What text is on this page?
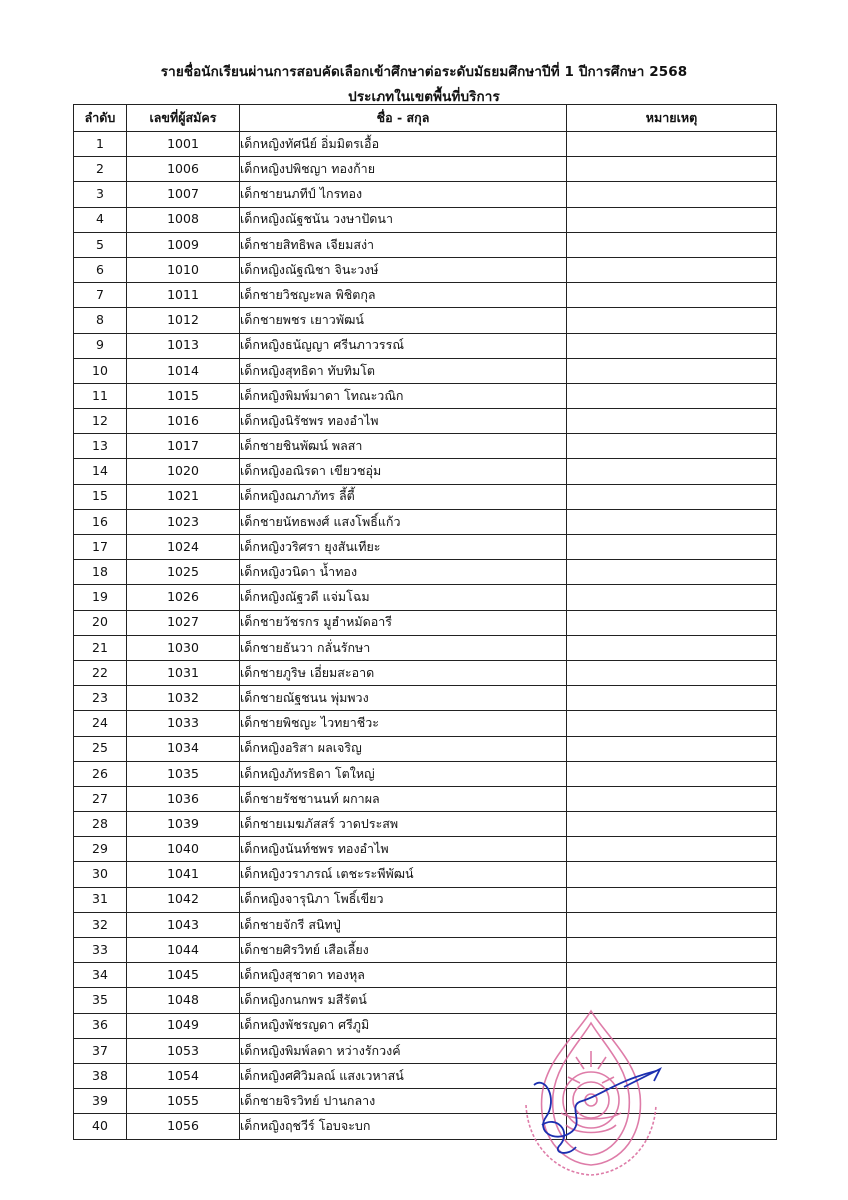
รายชื่อนักเรียนผ่านการสอบคัดเลือกเข้าศึกษาต่อระดับมัธยมศึกษาปีที่ 1 ปีการศึกษา 2568
ประเภทในเขตพื้นที่บริการ
ลำดับ	เลขที่ผู้สมัคร	ชื่อ - สกุล	หมายเหตุ
1	1001	เด็กหญิงทัศนีย์ อิ่มมิตรเอื้อ	
2	1006	เด็กหญิงปพิชญา ทองก้าย	
3	1007	เด็กชายนภทีป์ ไกรทอง	
4	1008	เด็กหญิงณัฐชนัน วงษาปัดนา	
5	1009	เด็กชายสิทธิพล เจียมสง่า	
6	1010	เด็กหญิงณัฐณิชา จินะวงษ์	
7	1011	เด็กชายวิชญะพล พิชิตกุล	
8	1012	เด็กชายพชร เยาวพัฒน์	
9	1013	เด็กหญิงธนัญญา ศรีนภาวรรณ์	
10	1014	เด็กหญิงสุทธิดา ทับทิมโต	
11	1015	เด็กหญิงพิมพ์มาดา โทณะวณิก	
12	1016	เด็กหญิงนิรัชพร ทองอำไพ	
13	1017	เด็กชายชินพัฒน์ พลสา	
14	1020	เด็กหญิงอณิรดา เขียวชอุ่ม	
15	1021	เด็กหญิงณภาภัทร ลี้ตี้	
16	1023	เด็กชายนัทธพงศ์ แสงโพธิ์แก้ว	
17	1024	เด็กหญิงวริศรา ยุงสันเทียะ	
18	1025	เด็กหญิงวนิดา น้ำทอง	
19	1026	เด็กหญิงณัฐวดี แจ่มโฉม	
20	1027	เด็กชายวัชรกร มูฮำหมัดอารี	
21	1030	เด็กชายธันวา กลั่นรักษา	
22	1031	เด็กชายภูริษ เอี่ยมสะอาด	
23	1032	เด็กชายณัฐชนน พุ่มพวง	
24	1033	เด็กชายพิชญะ ไวทยาชีวะ	
25	1034	เด็กหญิงอริสา ผลเจริญ	
26	1035	เด็กหญิงภัทรธิดา โตใหญ่	
27	1036	เด็กชายรัชชานนท์ ผกาผล	
28	1039	เด็กชายเมฆภัสสร์ วาดประสพ	
29	1040	เด็กหญิงนันท์ชพร ทองอำไพ	
30	1041	เด็กหญิงวราภรณ์ เตชะระพีพัฒน์	
31	1042	เด็กหญิงจารุนิภา โพธิ์เขียว	
32	1043	เด็กชายจักรี สนิทปู่	
33	1044	เด็กชายศิรวิทย์ เสือเลี้ยง	
34	1045	เด็กหญิงสุชาดา ทองหุล	
35	1048	เด็กหญิงกนกพร มสีรัตน์	
36	1049	เด็กหญิงพัชรญดา ศรีภูมิ	
37	1053	เด็กหญิงพิมพ์ลดา หว่างรักวงค์	
38	1054	เด็กหญิงศศิวิมลณ์ แสงเวหาสน์	
39	1055	เด็กชายจิรวิทย์ ปานกลาง	
40	1056	เด็กหญิงฤชวีร์ โอบจะบก	
